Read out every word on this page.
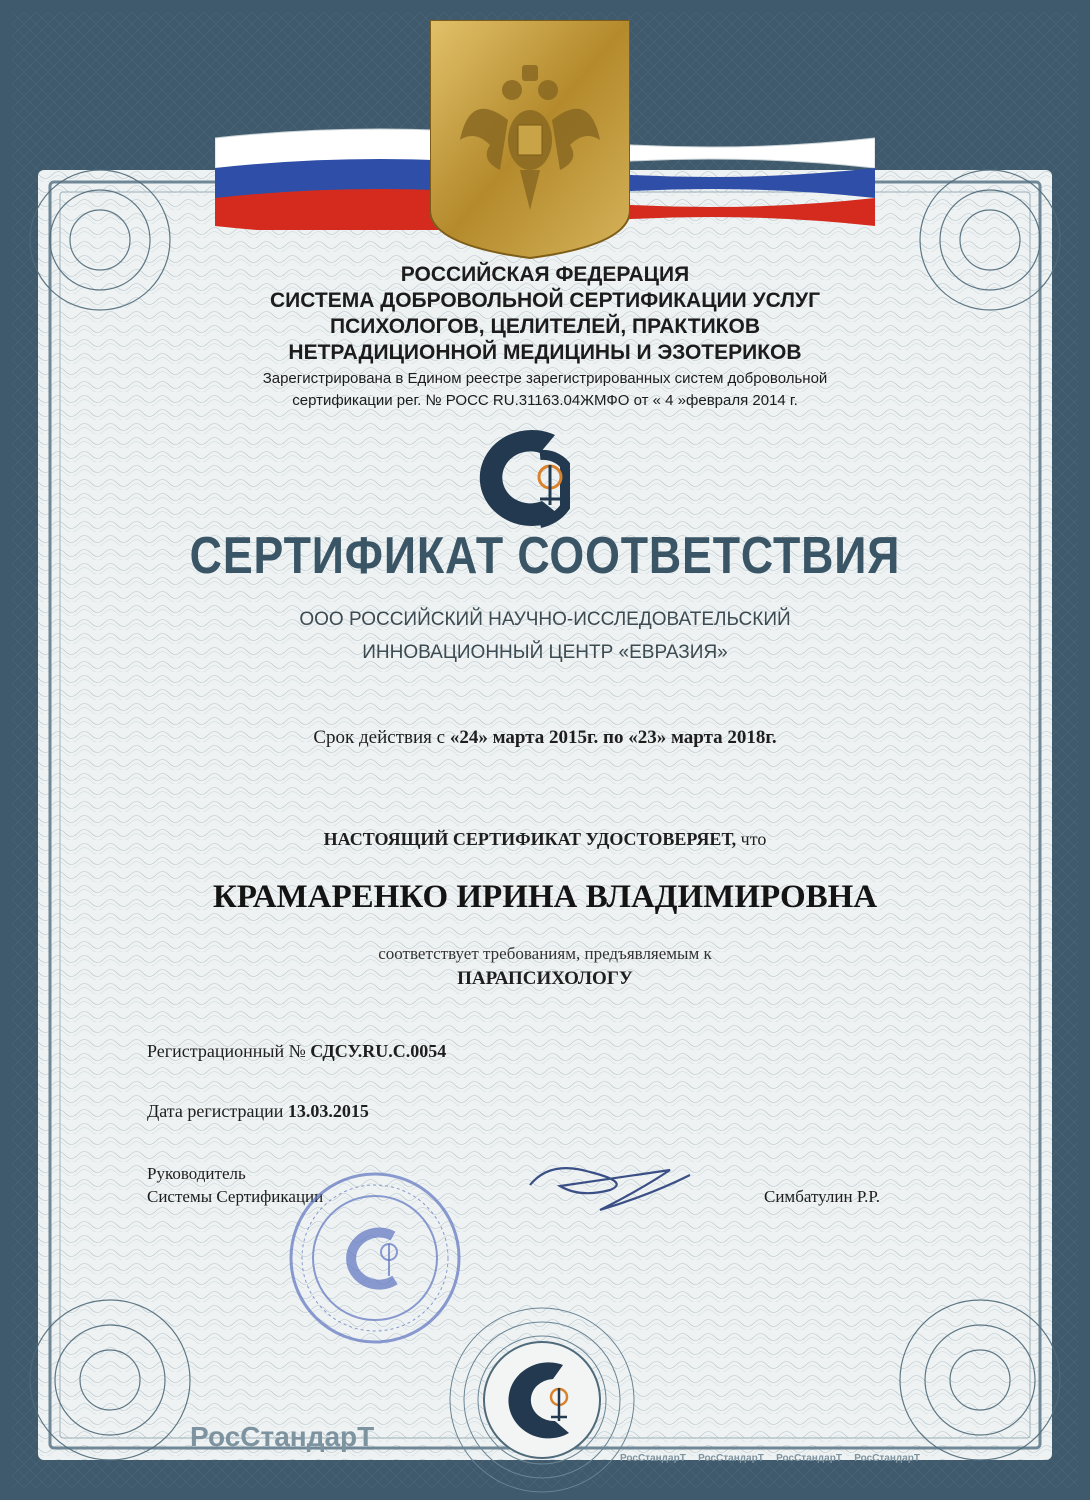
РОССИЙСКАЯ ФЕДЕРАЦИЯ
СИСТЕМА ДОБРОВОЛЬНОЙ СЕРТИФИКАЦИИ УСЛУГ
ПСИХОЛОГОВ, ЦЕЛИТЕЛЕЙ, ПРАКТИКОВ
НЕТРАДИЦИОННОЙ МЕДИЦИНЫ И ЭЗОТЕРИКОВ
Зарегистрирована в Едином реестре зарегистрированных систем добровольной
сертификации рег. № РОСС RU.31163.04ЖМФО от « 4 »февраля 2014 г.
СЕРТИФИКАТ СООТВЕТСТВИЯ
ООО РОССИЙСКИЙ НАУЧНО-ИССЛЕДОВАТЕЛЬСКИЙ
ИННОВАЦИОННЫЙ ЦЕНТР «ЕВРАЗИЯ»
Срок действия с «24» марта 2015г. по «23» марта 2018г.
НАСТОЯЩИЙ СЕРТИФИКАТ УДОСТОВЕРЯЕТ, что
КРАМАРЕНКО ИРИНА ВЛАДИМИРОВНА
соответствует требованиям, предъявляемым к
ПАРАПСИХОЛОГУ
Регистрационный № СДСУ.RU.С.0054
Дата регистрации 13.03.2015
Руководитель
Системы Сертификации	Симбатулин Р.Р.
РосСтандарТ
РосСтандарТ РосСтандарТ РосСтандарТ РосСтандарТ
